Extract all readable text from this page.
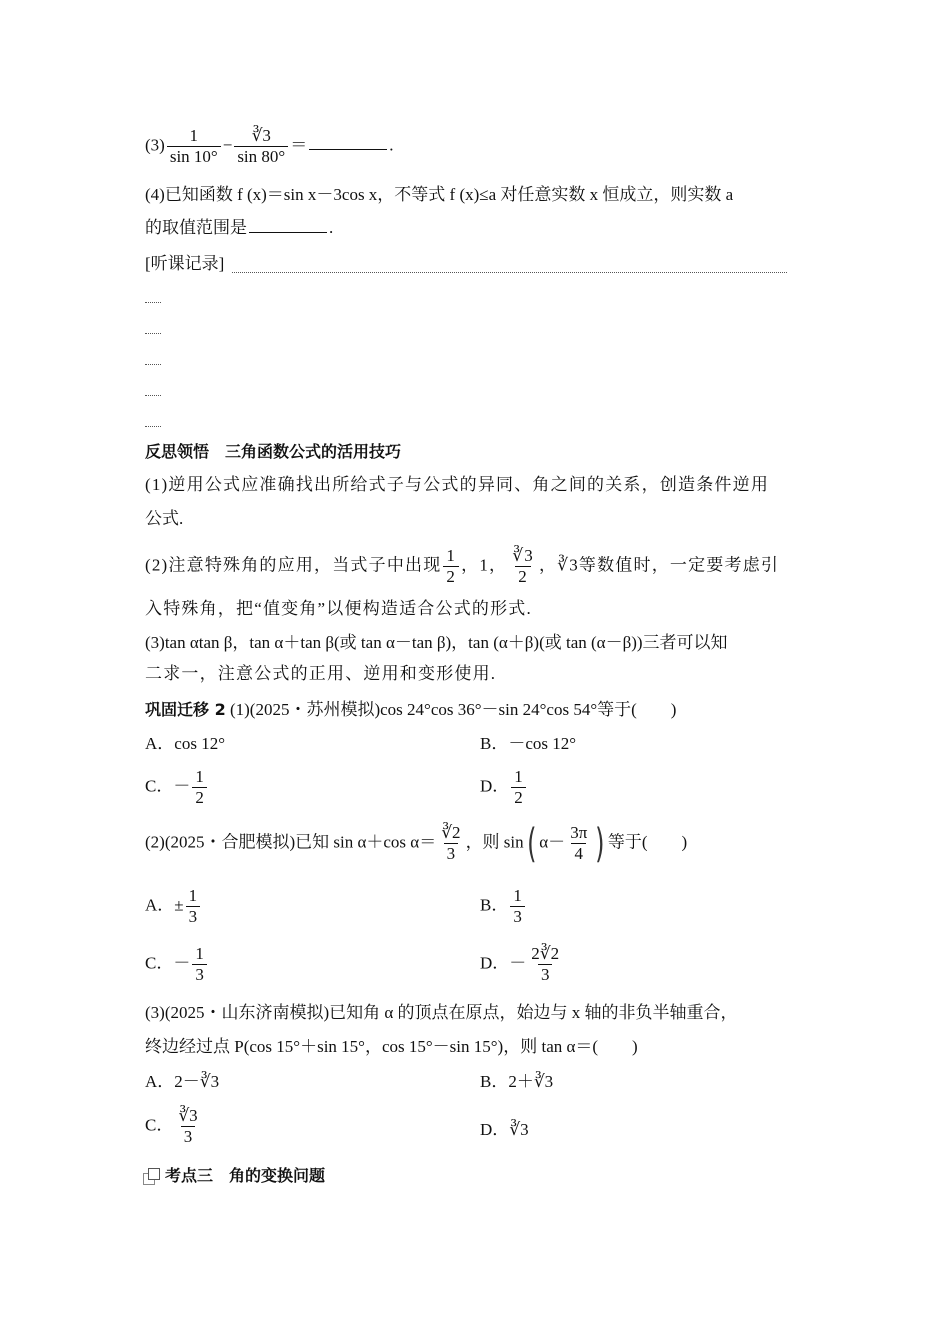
$(3) \frac{1}{\sin 10^\circ} - \frac{∛3}{\sin 80^\circ}$ ＝	.
(4)已知函数 f (x)＝sin x－3cos x，不等式 f (x)≤a 对任意实数 x 恒成立，则实数 a
的取值范围是	.
[听课记录]
反思领悟　三角函数公式的活用技巧
(1)逆用公式应准确找出所给式子与公式的异同、角之间的关系，创造条件逆用
公式.
(2)注意特殊角的应用，当式子中出现 $\frac{1}{2}$ ，1， $\frac{∛3}{2}$ ，∛3等数值时，一定要考虑引
入特殊角，把“值变角”以便构造适合公式的形式.
(3)tan αtan β，tan α＋tan β(或 tan α－tan β)，tan (α＋β)(或 tan (α－β))三者可以知
二求一，注意公式的正用、逆用和变形使用.
巩固迁移 2 (1)(2025・苏州模拟)cos 24°cos 36°－sin 24°cos 54°等于(　　)
A．cos 12°	B．－cos 12°
C．－ $\frac{1}{2}$	D． $\frac{1}{2}$
(2)(2025・合肥模拟)已知 sin α＋cos $\alpha= \frac{∛2}{3}$ ，则 sin( $\alpha- \frac{3\pi}{4}$ ) 等于(　　)
A．± $\frac{1}{3}$	B． $\frac{1}{3}$
C．－ $\frac{1}{3}$	D．－ $\frac{2∛2}{3}$
(3)(2025・山东济南模拟)已知角 α 的顶点在原点，始边与 x 轴的非负半轴重合，
终边经过点 P(cos 15°＋sin 15°，cos 15°－sin 15°)，则 tan α＝(　　)
A．2－∛3	B．2＋∛3
C． $\frac{∛3}{3}$	D．∛3
考点三　角的变换问题
